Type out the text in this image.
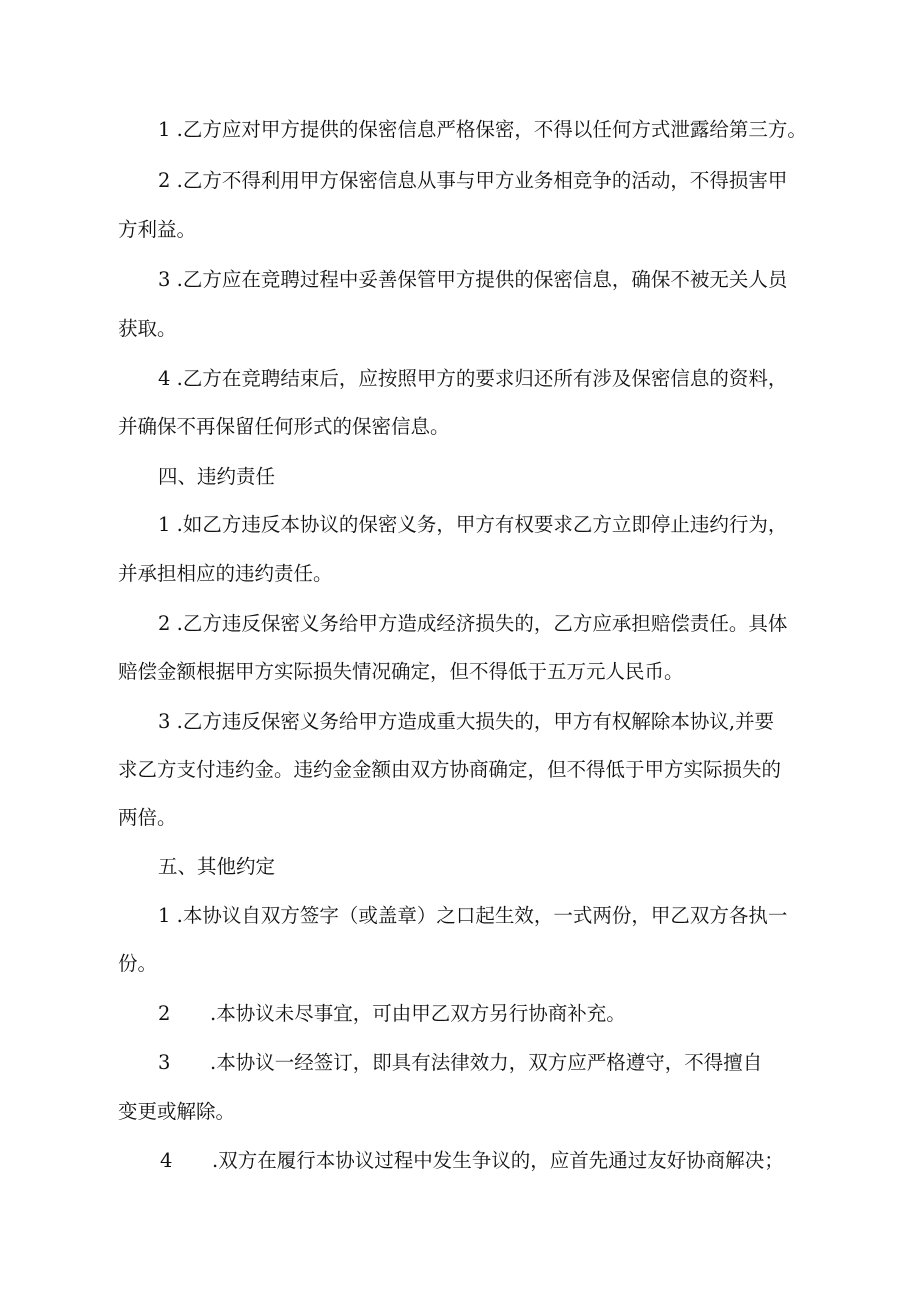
1 .乙方应对甲方提供的保密信息严格保密，不得以任何方式泄露给第三方。
2 .乙方不得利用甲方保密信息从事与甲方业务相竞争的活动，不得损害甲
方利益。
3 .乙方应在竞聘过程中妥善保管甲方提供的保密信息，确保不被无关人员
获取。
4 .乙方在竞聘结束后，应按照甲方的要求归还所有涉及保密信息的资料，
并确保不再保留任何形式的保密信息。
四、违约责任
1 .如乙方违反本协议的保密义务，甲方有权要求乙方立即停止违约行为，
并承担相应的违约责任。
2 .乙方违反保密义务给甲方造成经济损失的，乙方应承担赔偿责任。具体
赔偿金额根据甲方实际损失情况确定，但不得低于五万元人民币。
3 .乙方违反保密义务给甲方造成重大损失的，甲方有权解除本协议,并要
求乙方支付违约金。违约金金额由双方协商确定，但不得低于甲方实际损失的
两倍。
五、其他约定
1 .本协议自双方签字（或盖章）之口起生效，一式两份，甲乙双方各执一
份。
2 .本协议未尽事宜，可由甲乙双方另行协商补充。
3 .本协议一经签订，即具有法律效力，双方应严格遵守，不得擅自
变更或解除。
4 .双方在履行本协议过程中发生争议的，应首先通过友好协商解决；
